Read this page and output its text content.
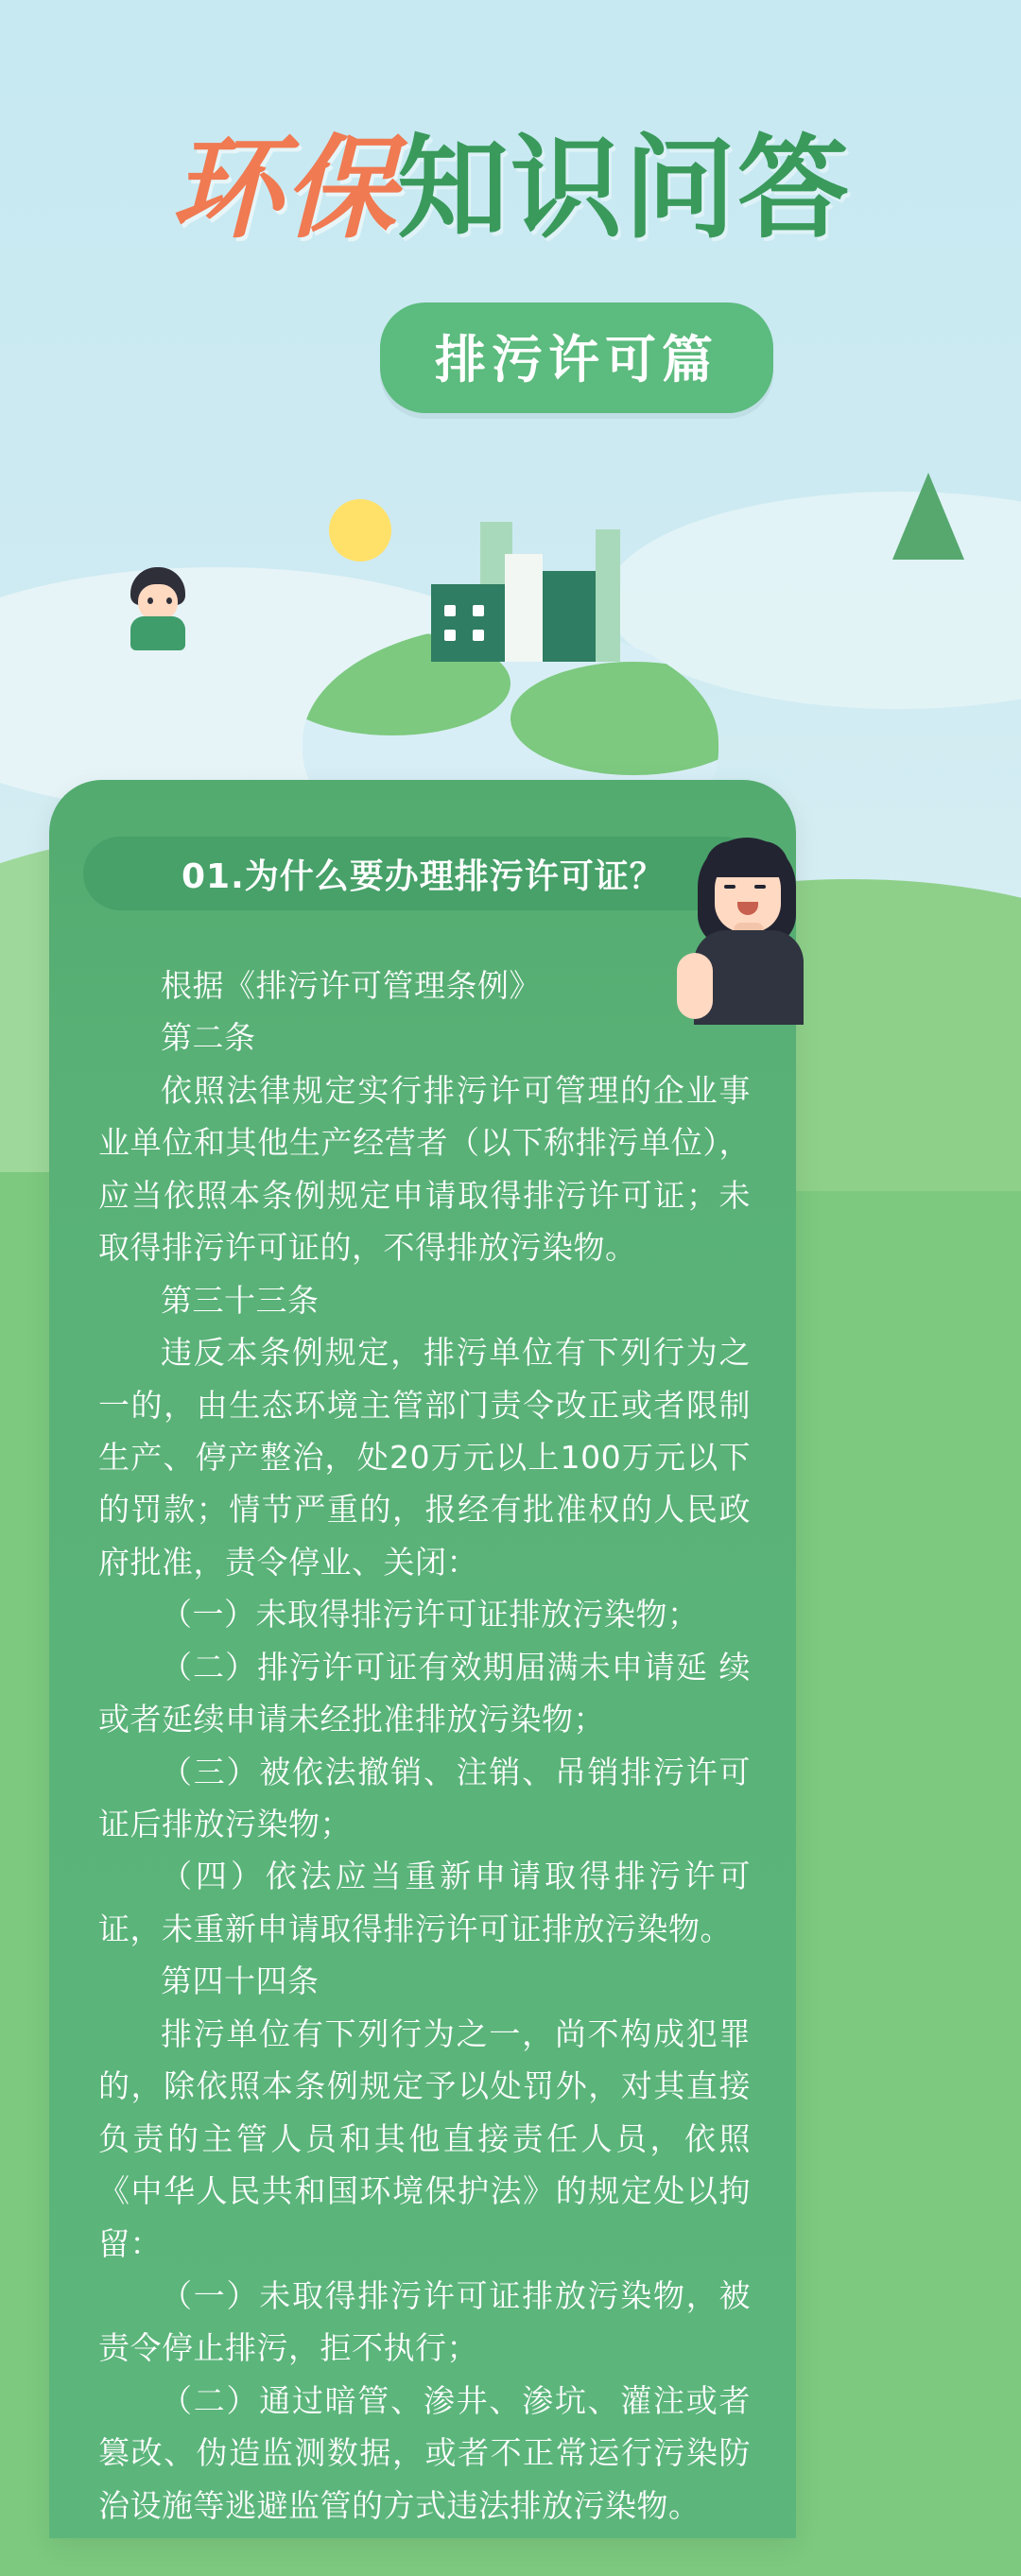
环保知识问答
排污许可篇
01.为什么要办理排污许可证？

根据《排污许可管理条例》

第二条

依照法律规定实行排污许可管理的企业事业单位和其他生产经营者（以下称排污单位），应当依照本条例规定申请取得排污许可证；未取得排污许可证的，不得排放污染物。

第三十三条

违反本条例规定，排污单位有下列行为之一的，由生态环境主管部门责令改正或者限制生产、停产整治，处20万元以上100万元以下的罚款；情节严重的，报经有批准权的人民政府批准，责令停业、关闭：

（一）未取得排污许可证排放污染物；

（二）排污许可证有效期届满未申请延 续或者延续申请未经批准排放污染物；

（三）被依法撤销、注销、吊销排污许可证后排放污染物；

（四）依法应当重新申请取得排污许可证，未重新申请取得排污许可证排放污染物。

第四十四条

排污单位有下列行为之一，尚不构成犯罪的，除依照本条例规定予以处罚外，对其直接负责的主管人员和其他直接责任人员，依照《中华人民共和国环境保护法》的规定处以拘留：

（一）未取得排污许可证排放污染物，被责令停止排污，拒不执行；

（二）通过暗管、渗井、渗坑、灌注或者篡改、伪造监测数据，或者不正常运行污染防治设施等逃避监管的方式违法排放污染物。
